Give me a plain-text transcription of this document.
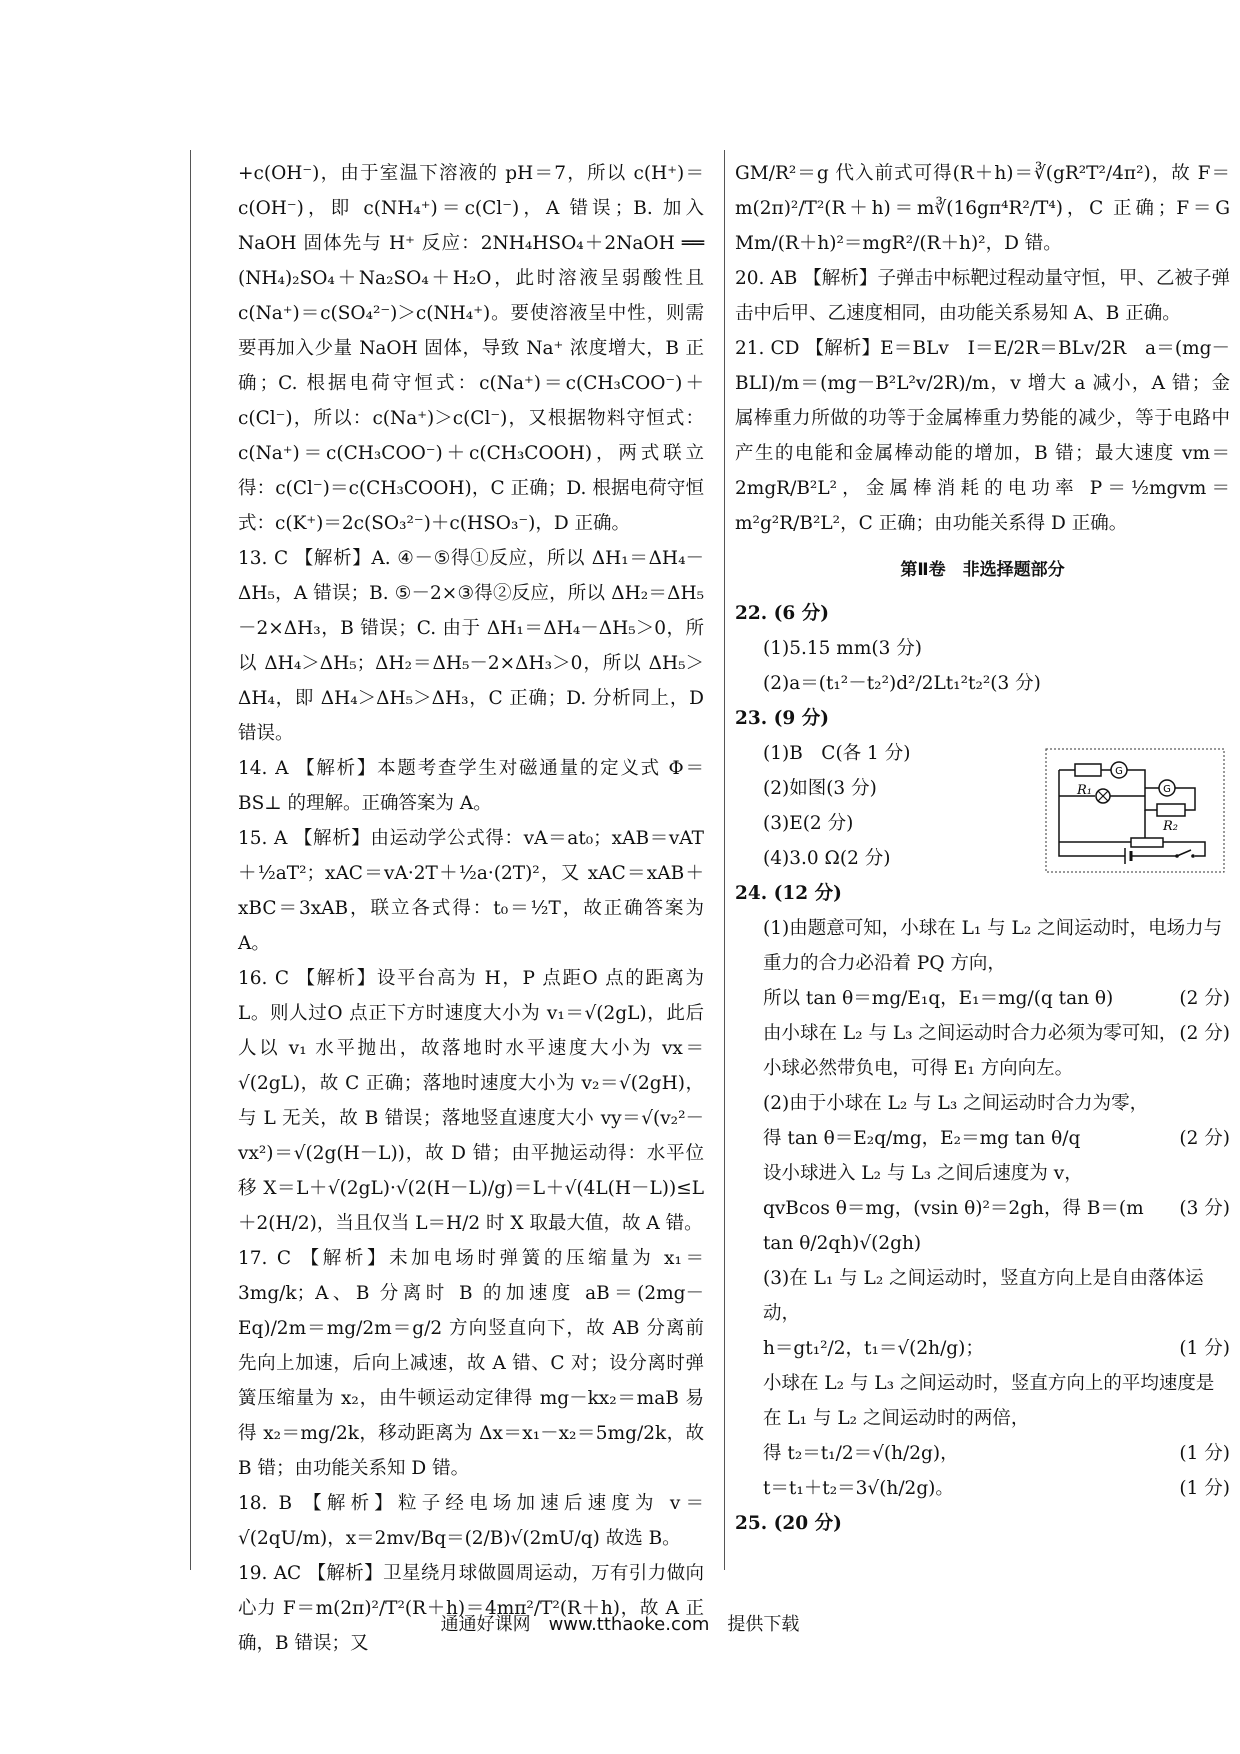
+c(OH⁻)，由于室温下溶液的 pH＝7，所以 c(H⁺)＝c(OH⁻)，即 c(NH₄⁺)＝c(Cl⁻)，A 错误；B. 加入 NaOH 固体先与 H⁺ 反应：2NH₄HSO₄＋2NaOH ══ (NH₄)₂SO₄＋Na₂SO₄＋H₂O，此时溶液呈弱酸性且 c(Na⁺)＝c(SO₄²⁻)＞c(NH₄⁺)。要使溶液呈中性，则需要再加入少量 NaOH 固体，导致 Na⁺ 浓度增大，B 正确；C. 根据电荷守恒式：c(Na⁺)＝c(CH₃COO⁻)＋c(Cl⁻)，所以：c(Na⁺)＞c(Cl⁻)，又根据物料守恒式：c(Na⁺)＝c(CH₃COO⁻)＋c(CH₃COOH)，两式联立得：c(Cl⁻)＝c(CH₃COOH)，C 正确；D. 根据电荷守恒式：c(K⁺)＝2c(SO₃²⁻)＋c(HSO₃⁻)，D 正确。

13. C 【解析】A. ④－⑤得①反应，所以 ΔH₁＝ΔH₄－ΔH₅，A 错误；B. ⑤－2×③得②反应，所以 ΔH₂＝ΔH₅－2×ΔH₃，B 错误；C. 由于 ΔH₁＝ΔH₄－ΔH₅＞0，所以 ΔH₄＞ΔH₅；ΔH₂＝ΔH₅－2×ΔH₃＞0，所以 ΔH₅＞ΔH₄，即 ΔH₄＞ΔH₅＞ΔH₃，C 正确；D. 分析同上，D 错误。

14. A 【解析】本题考查学生对磁通量的定义式 Φ＝BS⊥ 的理解。正确答案为 A。

15. A 【解析】由运动学公式得：vA＝at₀；xAB＝vAT＋½aT²；xAC＝vA·2T＋½a·(2T)²，又 xAC＝xAB＋xBC＝3xAB，联立各式得：t₀＝½T，故正确答案为 A。

16. C 【解析】设平台高为 H，P 点距O 点的距离为 L。则人过O 点正下方时速度大小为 v₁＝√(2gL)，此后人以 v₁ 水平抛出，故落地时水平速度大小为 vx＝√(2gL)，故 C 正确；落地时速度大小为 v₂＝√(2gH)，与 L 无关，故 B 错误；落地竖直速度大小 vy＝√(v₂²－vx²)＝√(2g(H－L))，故 D 错；由平抛运动得：水平位移 X＝L＋√(2gL)·√(2(H－L)/g)＝L＋√(4L(H－L))≤L＋2(H/2)，当且仅当 L＝H/2 时 X 取最大值，故 A 错。

17. C 【解析】未加电场时弹簧的压缩量为 x₁＝3mg/k；A、B 分离时 B 的加速度 aB＝(2mg－Eq)/2m＝mg/2m＝g/2 方向竖直向下，故 AB 分离前先向上加速，后向上减速，故 A 错、C 对；设分离时弹簧压缩量为 x₂，由牛顿运动定律得 mg－kx₂＝maB 易得 x₂＝mg/2k，移动距离为 Δx＝x₁－x₂＝5mg/2k，故 B 错；由功能关系知 D 错。

18. B 【解析】粒子经电场加速后速度为 v＝√(2qU/m)，x＝2mv/Bq＝(2/B)√(2mU/q) 故选 B。

19. AC 【解析】卫星绕月球做圆周运动，万有引力做向心力 F＝m(2π)²/T²(R＋h)＝4mπ²/T²(R＋h)，故 A 正确，B 错误；又

GM/R²＝g 代入前式可得(R＋h)＝∛(gR²T²/4π²)，故 F＝m(2π)²/T²(R＋h)＝m∛(16gπ⁴R²/T⁴)，C 正确；F＝G Mm/(R＋h)²＝mgR²/(R＋h)²，D 错。

20. AB 【解析】子弹击中标靶过程动量守恒，甲、乙被子弹击中后甲、乙速度相同，由功能关系易知 A、B 正确。

21. CD 【解析】E＝BLv　I＝E/2R＝BLv/2R　a＝(mg－BLI)/m＝(mg－B²L²v/2R)/m，v 增大 a 减小，A 错；金属棒重力所做的功等于金属棒重力势能的减少，等于电路中产生的电能和金属棒动能的增加，B 错；最大速度 vm＝2mgR/B²L²，金属棒消耗的电功率 P＝½mgvm＝m²g²R/B²L²，C 正确；由功能关系得 D 正确。

第Ⅱ卷　非选择题部分

22. (6 分)

(1)5.15 mm(3 分)

(2)a＝(t₁²－t₂²)d²/2Lt₁²t₂²(3 分)

23. (9 分)

(1)B　C(各 1 分)

(2)如图(3 分)

(3)E(2 分)

(4)3.0 Ω(2 分)

24. (12 分)

(1)由题意可知，小球在 L₁ 与 L₂ 之间运动时，电场力与重力的合力必沿着 PQ 方向，
所以 tan θ＝mg/E₁q，E₁＝mg/(q tan θ)	(2 分)
由小球在 L₂ 与 L₃ 之间运动时合力必须为零可知，小球必然带负电，可得 E₁ 方向向左。
(2 分)
(2)由于小球在 L₂ 与 L₃ 之间运动时合力为零，
得 tan θ＝E₂q/mg，E₂＝mg tan θ/q	(2 分)
设小球进入 L₂ 与 L₃ 之间后速度为 v，
qvBcos θ＝mg，(vsin θ)²＝2gh，得 B＝(m tan θ/2qh)√(2gh)
(3 分)
(3)在 L₁ 与 L₂ 之间运动时，竖直方向上是自由落体运动，
h＝gt₁²/2，t₁＝√(2h/g)；	(1 分)
小球在 L₂ 与 L₃ 之间运动时，竖直方向上的平均速度是在 L₁ 与 L₂ 之间运动时的两倍，
得 t₂＝t₁/2＝√(h/2g)，	(1 分)
t＝t₁＋t₂＝3√(h/2g)。	(1 分)

25. (20 分)

G
R₁	G
R₂
通通好课网　www.tthaoke.com　提供下载
